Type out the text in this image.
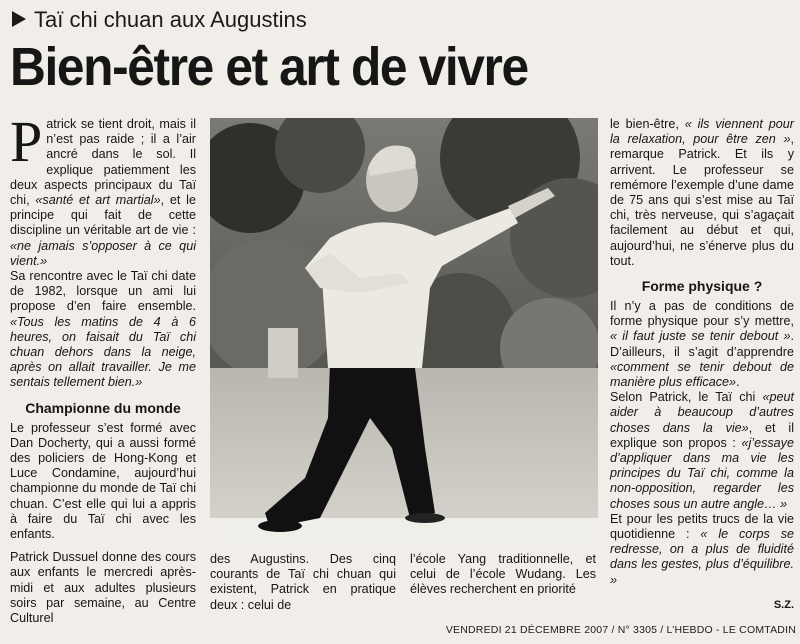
Taï chi chuan aux Augustins
Bien-être et art de vivre

Patrick se tient droit, mais il n’est pas raide ; il a l’air ancré dans le sol. Il explique patiemment les deux aspects principaux du Taï chi, «santé et art martial», et le principe qui fait de cette discipline un véritable art de vie : «ne jamais s’opposer à ce qui vient.»

Sa rencontre avec le Taï chi date de 1982, lorsque un ami lui propose d’en faire ensemble. «Tous les matins de 4 à 6 heures, on faisait du Taï chi chuan dehors dans la neige, après on allait travailler. Je me sentais tellement bien.»

Championne du monde

Le professeur s’est formé avec Dan Docherty, qui a aussi formé des policiers de Hong-Kong et Luce Condamine, aujourd’hui championne du monde de Taï chi chuan. C’est elle qui lui a appris à faire du Taï chi avec les enfants.

Patrick Dussuel donne des cours aux enfants le mercredi après-midi et aux adultes plusieurs soirs par semaine, au Centre Culturel

des Augustins. Des cinq courants de Taï chi chuan qui existent, Patrick en pratique deux : celui de

l’école Yang traditionnelle, et celui de l’école Wudang. Les élèves recherchent en priorité

le bien-être, « ils viennent pour la relaxation, pour être zen », remarque Patrick. Et ils y arrivent. Le professeur se remémore l’exemple d’une dame de 75 ans qui s’est mise au Taï chi, très nerveuse, qui s’agaçait facilement au début et qui, aujourd’hui, ne s’énerve plus du tout.

Forme physique ?

Il n’y a pas de conditions de forme physique pour s’y mettre, « il faut juste se tenir debout ». D’ailleurs, il s’agit d’apprendre «comment se tenir debout de manière plus efficace».

Selon Patrick, le Taï chi «peut aider à beaucoup d’autres choses dans la vie», et il explique son propos : «j’essaye d’appliquer dans ma vie les principes du Taï chi, comme la non-opposition, regarder les choses sous un autre angle… »

Et pour les petits trucs de la vie quotidienne : « le corps se redresse, on a plus de fluidité dans les gestes, plus d’équilibre. »

S.Z.
VENDREDI 21 DÉCEMBRE 2007 / N° 3305 / L’HEBDO - LE COMTADIN
